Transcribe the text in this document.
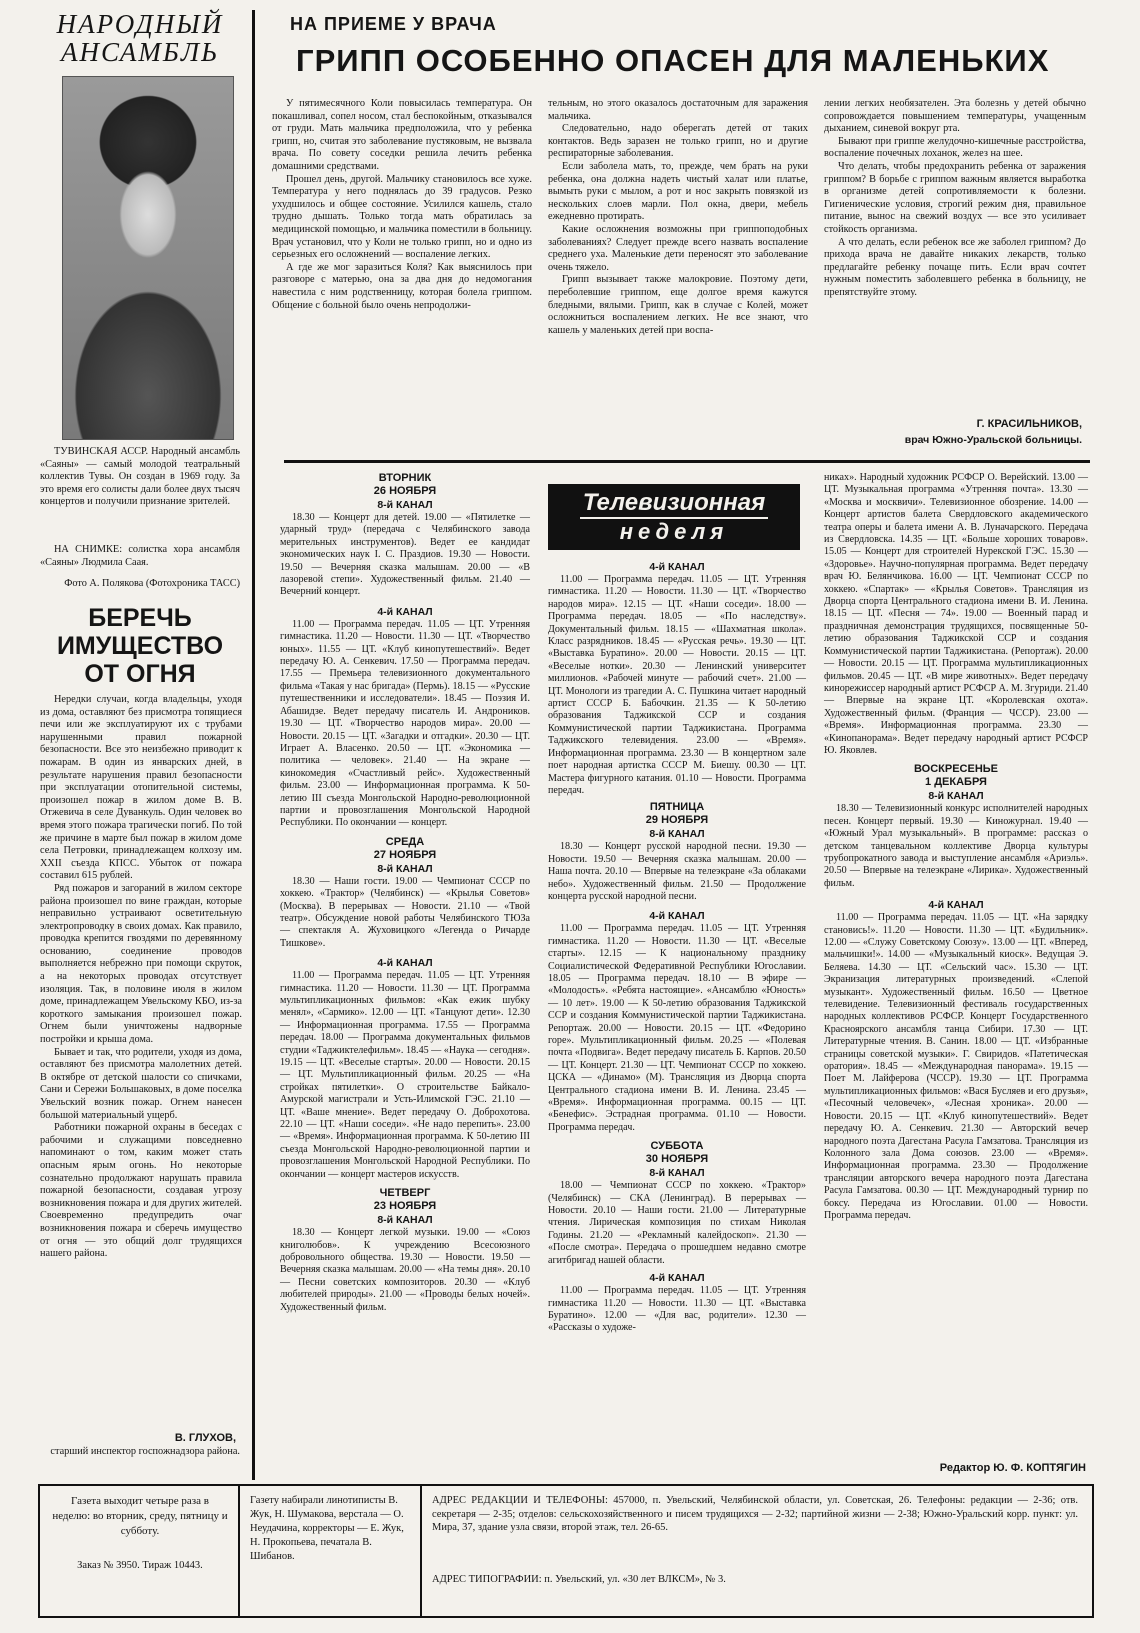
НАРОДНЫЙ
АНСАМБЛЬ
ТУВИНСКАЯ АССР. Народный ансамбль «Саяны» — самый молодой театральный коллектив Тувы. Он создан в 1969 году. За это время его солисты дали более двух тысяч концертов и получили признание зрителей.
НА СНИМКЕ: солистка хора ансамбля «Саяны» Людмила Саая.
Фото А. Полякова (Фотохроника ТАСС)
БЕРЕЧЬ
ИМУЩЕСТВО
ОТ ОГНЯ

Нередки случаи, когда владельцы, уходя из дома, оставляют без присмотра топящиеся печи или же эксплуатируют их с трубами нарушенными правил пожарной безопасности. Все это неизбежно приводит к пожарам. В один из январских дней, в результате нарушения правил безопасности при эксплуатации отопительной системы, произошел пожар в жилом доме В. В. Отжевича в селе Дуванкуль. Один человек во время этого пожара трагически погиб. По той же причине в марте был пожар в жилом доме села Петровки, принадлежащем колхозу им. XXII съезда КПСС. Убыток от пожара составил 615 рублей.

Ряд пожаров и загораний в жилом секторе района произошел по вине граждан, которые неправильно устраивают осветительную электропроводку в своих домах. Как правило, проводка крепится гвоздями по деревянному основанию, соединение проводов выполняется небрежно при помощи скруток, а на некоторых проводах отсутствует изоляция. Так, в половине июля в жилом доме, принадлежащем Увельскому КБО, из-за короткого замыкания произошел пожар. Огнем были уничтожены надворные постройки и крыша дома.

Бывает и так, что родители, уходя из дома, оставляют без присмотра малолетних детей. В октябре от детской шалости со спичками, Сани и Сережи Большаковых, в доме поселка Увельский возник пожар. Огнем нанесен большой материальный ущерб.

Работники пожарной охраны в беседах с рабочими и служащими повседневно напоминают о том, каким может стать опасным ярым огонь. Но некоторые сознательно продолжают нарушать правила пожарной безопасности, создавая угрозу возникновения пожара и для других жителей. Своевременно предупредить очаг возникновения пожара и сберечь имущество от огня — это общий долг трудящихся нашего района.

В. ГЛУХОВ,
старший инспектор госпожнадзора района.
НА ПРИЕМЕ У ВРАЧА
ГРИПП ОСОБЕННО ОПАСЕН ДЛЯ МАЛЕНЬКИХ

У пятимесячного Коли повысилась температура. Он покашливал, сопел носом, стал беспокойным, отказывался от груди. Мать мальчика предположила, что у ребенка грипп, но, считая это заболевание пустяковым, не вызвала врача. По совету соседки решила лечить ребенка домашними средствами.

Прошел день, другой. Мальчику становилось все хуже. Температура у него поднялась до 39 градусов. Резко ухудшилось и общее состояние. Усилился кашель, стало трудно дышать. Только тогда мать обратилась за медицинской помощью, и мальчика поместили в больницу. Врач установил, что у Коли не только грипп, но и одно из серьезных его осложнений — воспаление легких.

А где же мог заразиться Коля? Как выяснилось при разговоре с матерью, она за два дня до недомогания навестила с ним родственницу, которая болела гриппом. Общение с больной было очень непродолжи-

тельным, но этого оказалось достаточным для заражения мальчика.

Следовательно, надо оберегать детей от таких контактов. Ведь заразен не только грипп, но и другие респираторные заболевания.

Если заболела мать, то, прежде, чем брать на руки ребенка, она должна надеть чистый халат или платье, вымыть руки с мылом, а рот и нос закрыть повязкой из нескольких слоев марли. Пол окна, двери, мебель ежедневно протирать.

Какие осложнения возможны при гриппоподобных заболеваниях? Следует прежде всего назвать воспаление среднего уха. Маленькие дети переносят это заболевание очень тяжело.

Грипп вызывает также малокровие. Поэтому дети, переболевшие гриппом, еще долгое время кажутся бледными, вялыми. Грипп, как в случае с Колей, может осложниться воспалением легких. Не все знают, что кашель у маленьких детей при воспа-

лении легких необязателен. Эта болезнь у детей обычно сопровождается повышением температуры, учащенным дыханием, синевой вокруг рта.

Бывают при гриппе желудочно-кишечные расстройства, воспаление почечных лоханок, желез на шее.

Что делать, чтобы предохранить ребенка от заражения гриппом? В борьбе с гриппом важным является выработка в организме детей сопротивляемости к болезни. Гигиенические условия, строгий режим дня, правильное питание, вынос на свежий воздух — все это усиливает стойкость организма.

А что делать, если ребенок все же заболел гриппом? До прихода врача не давайте никаких лекарств, только предлагайте ребенку почаще пить. Если врач сочтет нужным поместить заболевшего ребенка в больницу, не препятствуйте этому.

Г. КРАСИЛЬНИКОВ,
врач Южно-Уральской больницы.
ВТОРНИК
26 НОЯБРЯ
8-й КАНАЛ

18.30 — Концерт для детей. 19.00 — «Пятилетке — ударный труд» (передача с Челябинского завода мерительных инструментов). Ведет ее кандидат экономических наук I. С. Праздиов. 19.30 — Новости. 19.50 — Вечерняя сказка малышам. 20.00 — «В лазоревой степи». Художественный фильм. 21.40 — Вечерний концерт.

4-й КАНАЛ

11.00 — Программа передач. 11.05 — ЦТ. Утренняя гимнастика. 11.20 — Новости. 11.30 — ЦТ. «Творчество юных». 11.55 — ЦТ. «Клуб кинопутешествий». Ведет передачу Ю. А. Сенкевич. 17.50 — Программа передач. 17.55 — Премьера телевизионного документального фильма «Такая у нас бригада» (Пермь). 18.15 — «Русские путешественники и исследователи». 18.45 — Поэзия И. Абашидзе. Ведет передачу писатель И. Андроников. 19.30 — ЦТ. «Творчество народов мира». 20.00 — Новости. 20.15 — ЦТ. «Загадки и отгадки». 20.30 — ЦТ. Играет А. Власенко. 20.50 — ЦТ. «Экономика — политика — человек». 21.40 — На экране — кинокомедия «Счастливый рейс». Художественный фильм. 23.00 — Информационная программа. К 50-летию III съезда Монгольской Народно-революционной партии и провозглашения Монгольской Народной Республики. По окончании — концерт.

СРЕДА
27 НОЯБРЯ
8-й КАНАЛ

18.30 — Наши гости. 19.00 — Чемпионат СССР по хоккею. «Трактор» (Челябинск) — «Крылья Советов» (Москва). В перерывах — Новости. 21.10 — «Твой театр». Обсуждение новой работы Челябинского ТЮЗа — спектакля А. Жуховицкого «Легенда о Ричарде Тишкове».

4-й КАНАЛ

11.00 — Программа передач. 11.05 — ЦТ. Утренняя гимнастика. 11.20 — Новости. 11.30 — ЦТ. Программа мультипликационных фильмов: «Как ежик шубку менял», «Сармико». 12.00 — ЦТ. «Танцуют дети». 12.30 — Информационная программа. 17.55 — Программа передач. 18.00 — Программа документальных фильмов студии «Таджиктелефильм». 18.45 — «Наука — сегодня». 19.15 — ЦТ. «Веселые старты». 20.00 — Новости. 20.15 — ЦТ. Мультипликационный фильм. 20.25 — «На стройках пятилетки». О строительстве Байкало-Амурской магистрали и Усть-Илимской ГЭС. 21.10 — ЦТ. «Ваше мнение». Ведет передачу О. Доброхотова. 22.10 — ЦТ. «Наши соседи». «Не надо перепить». 23.00 — «Время». Информационная программа. К 50-летию III съезда Монгольской Народно-революционной партии и провозглашения Монгольской Народной Республики. По окончании — концерт мастеров искусств.

ЧЕТВЕРГ
23 НОЯБРЯ
8-й КАНАЛ

18.30 — Концерт легкой музыки. 19.00 — «Союз книголюбов». К учреждению Всесоюзного добровольного общества. 19.30 — Новости. 19.50 — Вечерняя сказка малышам. 20.00 — «На темы дня». 20.10 — Песни советских композиторов. 20.30 — «Клуб любителей природы». 21.00 — «Проводы белых ночей». Художественный фильм.

Телевизионная
неделя
4-й КАНАЛ

11.00 — Программа передач. 11.05 — ЦТ. Утренняя гимнастика. 11.20 — Новости. 11.30 — ЦТ. «Творчество народов мира». 12.15 — ЦТ. «Наши соседи». 18.00 — Программа передач. 18.05 — «По наследству». Документальный фильм. 18.15 — «Шахматная школа». Класс разрядников. 18.45 — «Русская речь». 19.30 — ЦТ. «Выставка Буратино». 20.00 — Новости. 20.15 — ЦТ. «Веселые нотки». 20.30 — Ленинский университет миллионов. «Рабочей минуте — рабочий счет». 21.00 — ЦТ. Монологи из трагедии А. С. Пушкина читает народный артист СССР Б. Бабочкин. 21.35 — К 50-летию образования Таджикской ССР и создания Коммунистической партии Таджикистана. Программа Таджикского телевидения. 23.00 — «Время». Информационная программа. 23.30 — В концертном зале поет народная артистка СССР М. Биешу. 00.30 — ЦТ. Мастера фигурного катания. 01.10 — Новости. Программа передач.

ПЯТНИЦА
29 НОЯБРЯ
8-й КАНАЛ

18.30 — Концерт русской народной песни. 19.30 — Новости. 19.50 — Вечерняя сказка малышам. 20.00 — Наша почта. 20.10 — Впервые на телеэкране «За облаками небо». Художественный фильм. 21.50 — Продолжение концерта русской народной песни.

4-й КАНАЛ

11.00 — Программа передач. 11.05 — ЦТ. Утренняя гимнастика. 11.20 — Новости. 11.30 — ЦТ. «Веселые старты». 12.15 — К национальному празднику Социалистической Федеративной Республики Югославии. 18.05 — Программа передач. 18.10 — В эфире — «Молодость». «Ребята настоящие». «Ансамблю «Юность» — 10 лет». 19.00 — К 50-летию образования Таджикской ССР и создания Коммунистической партии Таджикистана. Репортаж. 20.00 — Новости. 20.15 — ЦТ. «Федорино горе». Мультипликационный фильм. 20.25 — «Полевая почта «Подвига». Ведет передачу писатель Б. Карпов. 20.50 — ЦТ. Концерт. 21.30 — ЦТ. Чемпионат СССР по хоккею. ЦСКА — «Динамо» (М). Трансляция из Дворца спорта Центрального стадиона имени В. И. Ленина. 23.45 — «Время». Информационная программа. 00.15 — ЦТ. «Бенефис». Эстрадная программа. 01.10 — Новости. Программа передач.

СУББОТА
30 НОЯБРЯ
8-й КАНАЛ

18.00 — Чемпионат СССР по хоккею. «Трактор» (Челябинск) — СКА (Ленинград). В перерывах — Новости. 20.10 — Наши гости. 21.00 — Литературные чтения. Лирическая композиция по стихам Николая Годины. 21.20 — «Рекламный калейдоскоп». 21.30 — «После смотра». Передача о прошедшем недавно смотре агитбригад нашей области.

4-й КАНАЛ

11.00 — Программа передач. 11.05 — ЦТ. Утренняя гимнастика 11.20 — Новости. 11.30 — ЦТ. «Выставка Буратино». 12.00 — «Для вас, родители». 12.30 — «Рассказы о художе-

никах». Народный художник РСФСР О. Верейский. 13.00 — ЦТ. Музыкальная программа «Утренняя почта». 13.30 — «Москва и москвичи». Телевизионное обозрение. 14.00 — Концерт артистов балета Свердловского академического театра оперы и балета имени А. В. Луначарского. Передача из Свердловска. 14.35 — ЦТ. «Больше хороших товаров». 15.05 — Концерт для строителей Нурекской ГЭС. 15.30 — «Здоровье». Научно-популярная программа. Ведет передачу врач Ю. Белянчикова. 16.00 — ЦТ. Чемпионат СССР по хоккею. «Спартак» — «Крылья Советов». Трансляция из Дворца спорта Центрального стадиона имени В. И. Ленина. 18.15 — ЦТ. «Песня — 74». 19.00 — Военный парад и праздничная демонстрация трудящихся, посвященные 50-летию образования Таджикской ССР и создания Коммунистической партии Таджикистана. (Репортаж). 20.00 — Новости. 20.15 — ЦТ. Программа мультипликационных фильмов. 20.45 — ЦТ. «В мире животных». Ведет передачу кинорежиссер народный артист РСФСР А. М. Згуриди. 21.40 — Впервые на экране ЦТ. «Королевская охота». Художественный фильм. (Франция — ЧССР). 23.00 — «Время». Информационная программа. 23.30 — «Кинопанорама». Ведет передачу народный артист РСФСР Ю. Яковлев.

ВОСКРЕСЕНЬЕ
1 ДЕКАБРЯ
8-й КАНАЛ

18.30 — Телевизионный конкурс исполнителей народных песен. Концерт первый. 19.30 — Киножурнал. 19.40 — «Южный Урал музыкальный». В программе: рассказ о детском танцевальном коллективе Дворца культуры трубопрокатного завода и выступление ансамбля «Ариэль». 20.50 — Впервые на телеэкране «Лирика». Художественный фильм.

4-й КАНАЛ

11.00 — Программа передач. 11.05 — ЦТ. «На зарядку становись!». 11.20 — Новости. 11.30 — ЦТ. «Будильник». 12.00 — «Служу Советскому Союзу». 13.00 — ЦТ. «Вперед, мальчишки!». 14.00 — «Музыкальный киоск». Ведущая Э. Беляева. 14.30 — ЦТ. «Сельский час». 15.30 — ЦТ. Экранизация литературных произведений. «Слепой музыкант». Художественный фильм. 16.50 — Цветное телевидение. Телевизионный фестиваль государственных народных коллективов РСФСР. Концерт Государственного Красноярского ансамбля танца Сибири. 17.30 — ЦТ. Литературные чтения. В. Санин. 18.00 — ЦТ. «Избранные страницы советской музыки». Г. Свиридов. «Патетическая оратория». 18.45 — «Международная панорама». 19.15 — Поет М. Лайферова (ЧССР). 19.30 — ЦТ. Программа мультипликационных фильмов: «Вася Бусляев и его друзья», «Песочный человечек», «Лесная хроника». 20.00 — Новости. 20.15 — ЦТ. «Клуб кинопутешествий». Ведет передачу Ю. А. Сенкевич. 21.30 — Авторский вечер народного поэта Дагестана Расула Гамзатова. Трансляция из Колонного зала Дома союзов. 23.00 — «Время». Информационная программа. 23.30 — Продолжение трансляции авторского вечера народного поэта Дагестана Расула Гамзатова. 00.30 — ЦТ. Международный турнир по боксу. Передача из Югославии. 01.00 — Новости. Программа передач.

Редактор Ю. Ф. КОПТЯГИН
Газета выходит четыре раза в неделю: во вторник, среду, пятницу и субботу.
Заказ № 3950. Тираж 10443.
Газету набирали линотиписты В. Жук, Н. Шумакова, верстала — О. Неудачина, корректоры — Е. Жук, Н. Прокопьева, печатала В. Шибанов.
АДРЕС РЕДАКЦИИ И ТЕЛЕФОНЫ: 457000, п. Увельский, Челябинской области, ул. Советская, 26. Телефоны: редакции — 2-36; отв. секретаря — 2-35; отделов: сельскохозяйственного и писем трудящихся — 2-32; партийной жизни — 2-38; Южно-Уральский корр. пункт: ул. Мира, 37, здание узла связи, второй этаж, тел. 26-65.
АДРЕС ТИПОГРАФИИ: п. Увельский, ул. «30 лет ВЛКСМ», № 3.
